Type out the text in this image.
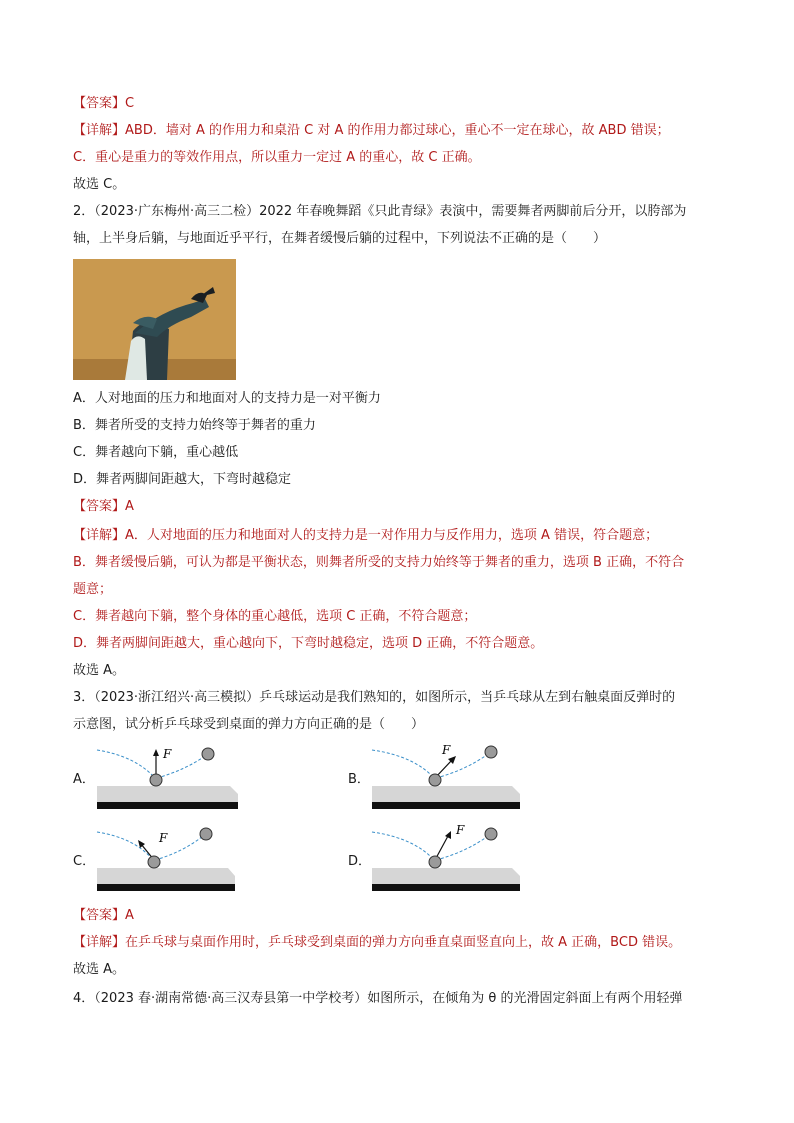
【答案】C
【详解】ABD．墙对 A 的作用力和桌沿 C 对 A 的作用力都过球心，重心不一定在球心，故 ABD 错误；
C．重心是重力的等效作用点，所以重力一定过 A 的重心，故 C 正确。
故选 C。
2．（2023·广东梅州·高三二检）2022 年春晚舞蹈《只此青绿》表演中，需要舞者两脚前后分开，以胯部为
轴，上半身后躺，与地面近乎平行，在舞者缓慢后躺的过程中，下列说法不正确的是（　　）
A．人对地面的压力和地面对人的支持力是一对平衡力
B．舞者所受的支持力始终等于舞者的重力
C．舞者越向下躺，重心越低
D．舞者两脚间距越大，下弯时越稳定
【答案】A
【详解】A．人对地面的压力和地面对人的支持力是一对作用力与反作用力，选项 A 错误，符合题意；
B．舞者缓慢后躺，可认为都是平衡状态，则舞者所受的支持力始终等于舞者的重力，选项 B 正确，不符合
题意；
C．舞者越向下躺，整个身体的重心越低，选项 C 正确，不符合题意；
D．舞者两脚间距越大，重心越向下，下弯时越稳定，选项 D 正确，不符合题意。
故选 A。
3．（2023·浙江绍兴·高三模拟）乒乓球运动是我们熟知的，如图所示，当乒乓球从左到右触桌面反弹时的
示意图，试分析乒乓球受到桌面的弹力方向正确的是（　　）
A．
F
B．
F
C．
F
D．
F
【答案】A
【详解】在乒乓球与桌面作用时，乒乓球受到桌面的弹力方向垂直桌面竖直向上，故 A 正确，BCD 错误。
故选 A。
4．（2023 春·湖南常德·高三汉寿县第一中学校考）如图所示，在倾角为 θ 的光滑固定斜面上有两个用轻弹
